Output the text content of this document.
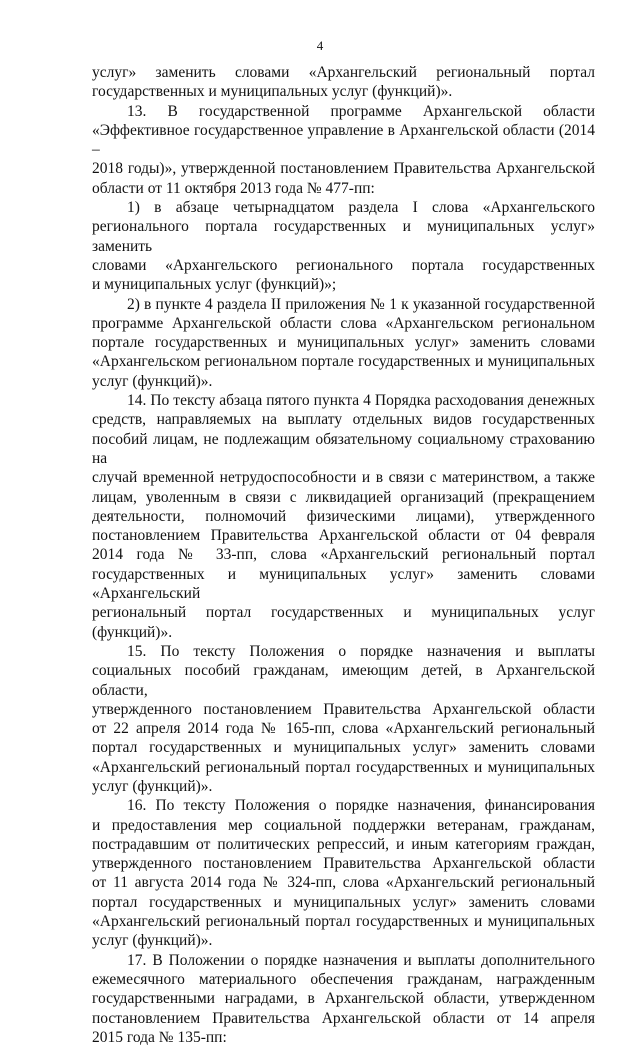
4
услуг» заменить словами «Архангельский региональный портал
государственных и муниципальных услуг (функций)».
13. В государственной программе Архангельской области
«Эффективное государственное управление в Архангельской области (2014 –
2018 годы)», утвержденной постановлением Правительства Архангельской
области от 11 октября 2013 года № 477-пп:
1) в абзаце четырнадцатом раздела I слова «Архангельского
регионального портала государственных и муниципальных услуг» заменить
словами «Архангельского регионального портала государственных
и муниципальных услуг (функций)»;
2) в пункте 4 раздела II приложения № 1 к указанной государственной
программе Архангельской области слова «Архангельском региональном
портале государственных и муниципальных услуг» заменить словами
«Архангельском региональном портале государственных и муниципальных
услуг (функций)».
14. По тексту абзаца пятого пункта 4 Порядка расходования денежных
средств, направляемых на выплату отдельных видов государственных
пособий лицам, не подлежащим обязательному социальному страхованию на
случай временной нетрудоспособности и в связи с материнством, а также
лицам, уволенным в связи с ликвидацией организаций (прекращением
деятельности, полномочий физическими лицами), утвержденного
постановлением Правительства Архангельской области от 04 февраля
2014 года № 33-пп, слова «Архангельский региональный портал
государственных и муниципальных услуг» заменить словами «Архангельский
региональный портал государственных и муниципальных услуг (функций)».
15. По тексту Положения о порядке назначения и выплаты
социальных пособий гражданам, имеющим детей, в Архангельской области,
утвержденного постановлением Правительства Архангельской области
от 22 апреля 2014 года № 165-пп, слова «Архангельский региональный
портал государственных и муниципальных услуг» заменить словами
«Архангельский региональный портал государственных и муниципальных
услуг (функций)».
16. По тексту Положения о порядке назначения, финансирования
и предоставления мер социальной поддержки ветеранам, гражданам,
пострадавшим от политических репрессий, и иным категориям граждан,
утвержденного постановлением Правительства Архангельской области
от 11 августа 2014 года № 324-пп, слова «Архангельский региональный
портал государственных и муниципальных услуг» заменить словами
«Архангельский региональный портал государственных и муниципальных
услуг (функций)».
17. В Положении о порядке назначения и выплаты дополнительного
ежемесячного материального обеспечения гражданам, награжденным
государственными наградами, в Архангельской области, утвержденном
постановлением Правительства Архангельской области от 14 апреля
2015 года № 135-пп:
